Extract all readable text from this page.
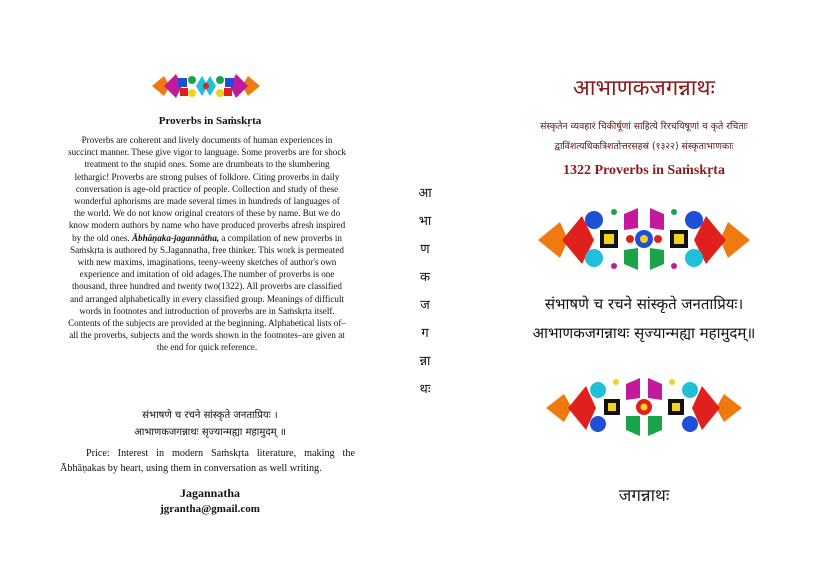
Proverbs in Saṁskṛta

Proverbs are coherent and lively documents of human experiences in succinct manner. These give vigor to language. Some proverbs are for shock treatment to the stupid ones. Some are drumbeats to the slumbering lethargic! Proverbs are strong pulses of folklore. Citing proverbs in daily conversation is age-old practice of people. Collection and study of these wonderful aphorisms are made several times in hundreds of languages of the world. We do not know original creators of these by name. But we do know modern authors by name who have produced proverbs afresh inspired by the old ones. Ābhāṇaka-jagannātha, a compilation of new proverbs in Saṁskṛta is authored by S.Jagannatha, free thinker. This work is permeated with new maxims, imaginations, teeny-weeny sketches of author's own experience and imitation of old adages.The number of proverbs is one thousand, three hundred and twenty two(1322). All proverbs are classified and arranged alphabetically in every classified group. Meanings of difficult words in footnotes and introduction of proverbs are in Saṁskṛta itself. Contents of the subjects are provided at the beginning. Alphabetical lists of–all the proverbs, subjects and the words shown in the footnotes–are given at the end for quick reference.

संभाषणे च रचने सांस्कृते जनताप्रियः ।

आभाणकजगन्नाथः सृज्यान्मह्या महामुदम् ॥

Price: Interest in modern Saṁskṛta literature, making the Ābhāṇakas by heart, using them in conversation as well writing.

Jagannatha

jgrantha@gmail.com

आ
भा
ण
क
ज
ग
न्ना
थः
आभाणकजगन्नाथः

संस्कृतेन व्यवहारं चिकीर्षूणां साहित्ये रिरचयिषूणां च कृते रचिताः

द्वाविंशत्यधिकत्रिशतोत्तरसहस्रं (१३२२) संस्कृताभाणकाः

1322 Proverbs in Saṁskṛta

संभाषणे च रचने सांस्कृते जनताप्रियः।

आभाणकजगन्नाथः सृज्यान्मह्या महामुदम्॥

जगन्नाथः
